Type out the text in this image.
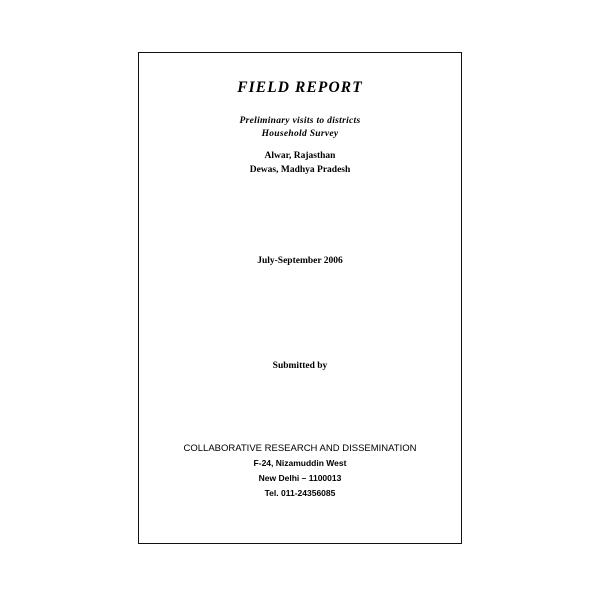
FIELD REPORT
Preliminary visits to districts
Household Survey
Alwar, Rajasthan
Dewas, Madhya Pradesh
July-September 2006
Submitted by
COLLABORATIVE RESEARCH AND DISSEMINATION
F-24, Nizamuddin West
New Delhi – 1100013
Tel. 011-24356085
